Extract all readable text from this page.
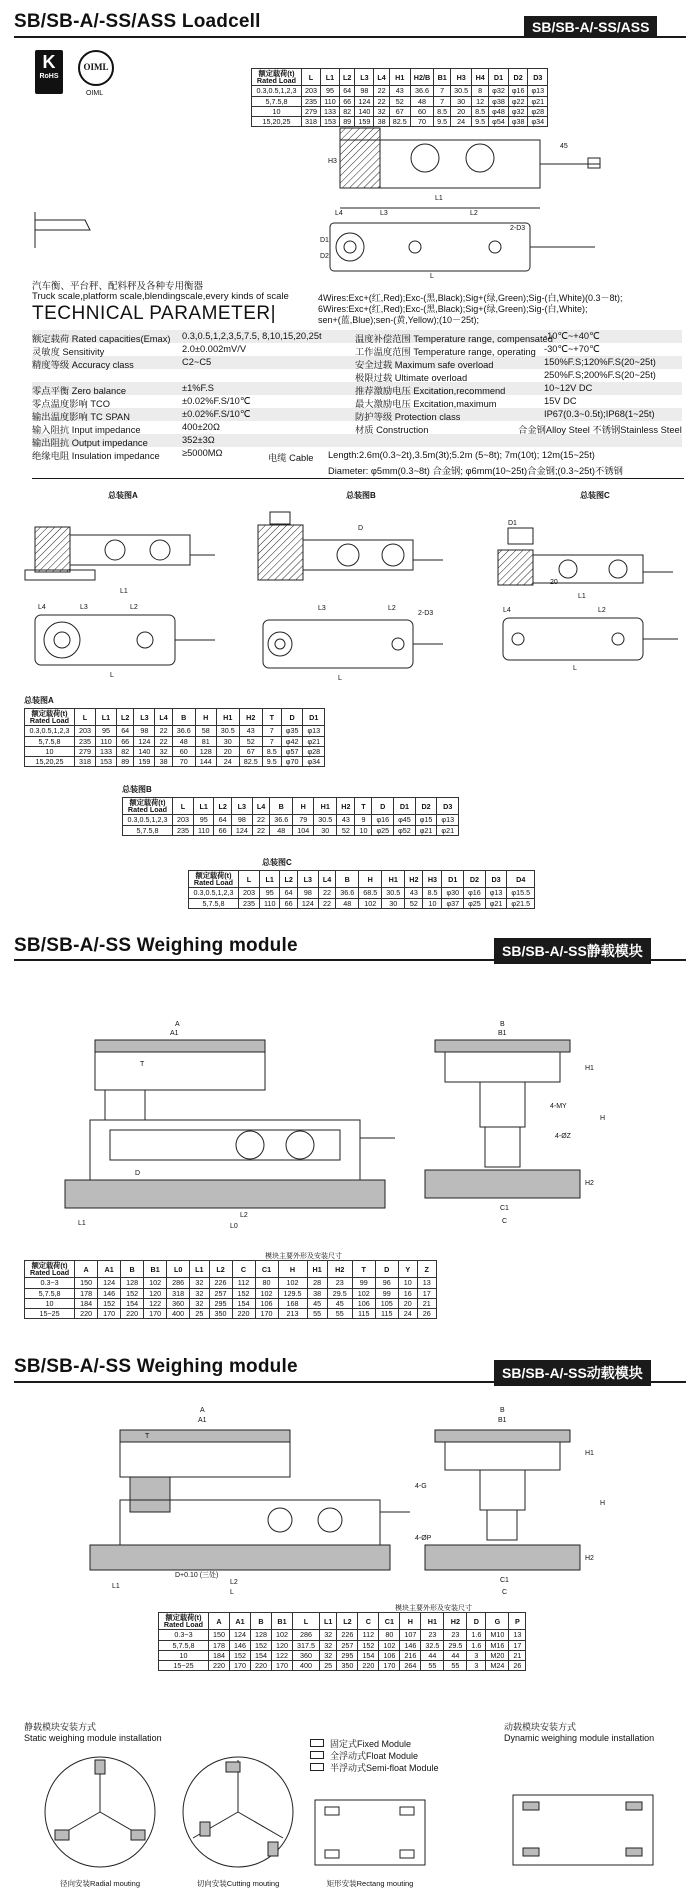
SB/SB-A/-SS/ASS Loadcell	SB/SB-A/-SS/ASS
K
RoHS
OIML
OIML
额定载荷(t)
Rated Load	L	L1	L2	L3	L4	H1	H2/B	B1	H3	H4	D1	D2	D3
0.3,0.5,1,2,3	203	95	64	98	22	43	36.6	7	30.5	8	φ32	φ16	φ13
5,7.5,8	235	110	66	124	22	52	48	7	30	12	φ38	φ22	φ21
10	279	133	82	140	32	67	60	8.5	20	8.5	φ48	φ32	φ28
15,20,25	318	153	89	159	38	82.5	70	9.5	24	9.5	φ54	φ38	φ34
H3
L1
45
L4	L3	L2
L
D1
D2
2-D3
汽车衡、平台秤、配料秤及各种专用衡器
Truck scale,platform scale,blendingscale,every kinds of scale	4Wires:Exc+(红,Red);Exc-(黑,Black);Sig+(绿,Green);Sig-(白,White)(0.3－8t);
6Wires:Exc+(红,Red);Exc-(黑,Black);Sig+(绿,Green);Sig-(白,White);
sen+(蓝,Blue);sen-(黄,Yellow);(10－25t);
TECHNICAL PARAMETER|
电缆 Cable Length:2.6m(0.3~2t),3.5m(3t);5.2m (5~8t); 7m(10t); 12m(15~25t)
Diameter: φ5mm(0.3~8t) 合金钢; φ6mm(10~25t)合金钢;(0.3~25t)不锈钢
总装图A	总装图B	总装图C
L1
L4	L3	L2
L
D
L3	L2
L
2-D3
D1
20
L1
L4	L2
L
总装图A
额定载荷(t)
Rated Load	L	L1	L2	L3	L4	B	H	H1	H2	T	D	D1
0.3,0.5,1,2,3	203	95	64	98	22	36.6	58	30.5	43	7	φ35	φ13
5,7.5,8	235	110	66	124	22	48	81	30	52	7	φ42	φ21
10	279	133	82	140	32	60	128	20	67	8.5	φ57	φ28
15,20,25	318	153	89	159	38	70	144	24	82.5	9.5	φ70	φ34
总装图B
额定载荷(t)
Rated Load	L	L1	L2	L3	L4	B	H	H1	H2	T	D	D1	D2	D3
0.3,0.5,1,2,3	203	95	64	98	22	36.6	79	30.5	43	9	φ16	φ45	φ15	φ13
5,7.5,8	235	110	66	124	22	48	104	30	52	10	φ25	φ52	φ21	φ21
总装图C
额定载荷(t)
Rated Load	L	L1	L2	L3	L4	B	H	H1	H2	H3	D1	D2	D3	D4
0.3,0.5,1,2,3	203	95	64	98	22	36.6	68.5	30.5	43	8.5	φ30	φ16	φ13	φ15.5
5,7.5,8	235	110	66	124	22	48	102	30	52	10	φ37	φ25	φ21	φ21.5
SB/SB-A/-SS Weighing module	SB/SB-A/-SS静载模块
A
A1
T
L1
L2
L0
D
B
B1
H1
H
H2
4-MY
4-ØZ
C1
C
模块主要外形及安装尺寸
额定载荷(t)
Rated Load	A	A1	B	B1	L0	L1	L2	C	C1	H	H1	H2	T	D	Y	Z
0.3~3	150	124	128	102	286	32	226	112	80	102	28	23	99	96	10	13
5,7.5,8	178	146	152	120	318	32	257	152	102	129.5	38	29.5	102	99	16	17
10	184	152	154	122	360	32	295	154	106	168	45	45	106	105	20	21
15~25	220	170	220	170	400	25	350	220	170	213	55	55	115	115	24	26
SB/SB-A/-SS Weighing module	SB/SB-A/-SS动载模块
A
A1
T
L1
L2
L
D+0.10 (三处)
B
B1
H1
H
H2
4-G
4-ØP
C1
C
模块主要外形及安装尺寸
额定载荷(t)
Rated Load	A	A1	B	B1	L	L1	L2	C	C1	H	H1	H2	D	G	P
0.3~3	150	124	128	102	286	32	226	112	80	107	23	23	1.6	M10	13
5,7.5,8	178	146	152	120	317.5	32	257	152	102	146	32.5	29.5	1.6	M16	17
10	184	152	154	122	360	32	295	154	106	216	44	44	3	M20	21
15~25	220	170	220	170	400	25	350	220	170	264	55	55	3	M24	26
静载模块安装方式
Static weighing module installation
动载模块安装方式
Dynamic weighing module installation
固定式Fixed Module
全浮动式Float Module
半浮动式Semi-float Module
径向安装Radial mouting	切向安装Cutting mouting	矩形安装Rectang mouting
额定载荷 Rated capacities(Emax) 0.3,0.5,1,2,3,5,7.5, 8,10,15,20,25t
灵敏度 Sensitivity	2.0±0.002mV/V
精度等级 Accuracy class	C2~C5
零点平衡 Zero balance	±1%F.S
零点温度影响 TCO	±0.02%F.S/10℃
输出温度影响 TC SPAN	±0.02%F.S/10℃
输入阻抗 Input impedance	400±20Ω
输出阻抗 Output impedance	352±3Ω
绝缘电阻 Insulation impedance ≥5000MΩ
温度补偿范围 Temperature range, compensated
-10℃~+40℃
工作温度范围 Temperature range, operating -30℃~+70℃
安全过载 Maximum safe overload	150%F.S;120%F.S(20~25t)
极限过载 Ultimate overload	250%F.S;200%F.S(20~25t)
推荐激励电压 Excitation,recommend	10~12V DC
最大激励电压 Excitation,maximum	15V DC
防护等级 Protection class	IP67(0.3~0.5t);IP68(1~25t)
材质 Construction	合金钢Alloy Steel 不锈钢Stainless Steel
